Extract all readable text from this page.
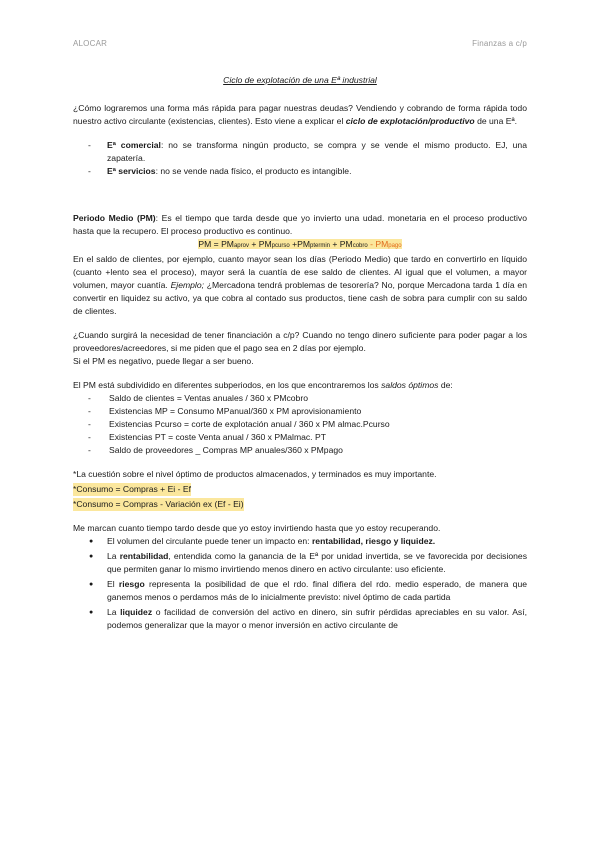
ALOCAR	Finanzas a c/p
Ciclo de explotación de una Eª industrial

¿Cómo lograremos una forma más rápida para pagar nuestras deudas? Vendiendo y cobrando de forma rápida todo nuestro activo circulante (existencias, clientes). Esto viene a explicar el ciclo de explotación/productivo de una Eª.

- Eª comercial: no se transforma ningún producto, se compra y se vende el mismo producto. EJ, una zapatería.
- Eª servicios: no se vende nada físico, el producto es intangible.

Periodo Medio (PM): Es el tiempo que tarda desde que yo invierto una udad. monetaria en el proceso productivo hasta que la recupero. El proceso productivo es continuo.

PM = PMaprov + PMpcurso +PMptermin + PMcobro - PMpago

En el saldo de clientes, por ejemplo, cuanto mayor sean los días (Periodo Medio) que tardo en convertirlo en líquido (cuanto +lento sea el proceso), mayor será la cuantía de ese saldo de clientes. Al igual que el volumen, a mayor volumen, mayor cuantía. Ejemplo; ¿Mercadona tendrá problemas de tesorería? No, porque Mercadona tarda 1 día en convertir en liquidez su activo, ya que cobra al contado sus productos, tiene cash de sobra para cumplir con su saldo de clientes.

¿Cuando surgirá la necesidad de tener financiación a c/p? Cuando no tengo dinero suficiente para poder pagar a los proveedores/acreedores, si me piden que el pago sea en 2 días por ejemplo.

Si el PM es negativo, puede llegar a ser bueno.

El PM está subdividido en diferentes subperiodos, en los que encontraremos los saldos óptimos de:

- Saldo de clientes = Ventas anuales / 360 x PMcobro
- Existencias MP = Consumo MPanual/360 x PM aprovisionamiento
- Existencias Pcurso = corte de explotación anual / 360 x PM almac.Pcurso
- Existencias PT = coste Venta anual / 360 x PMalmac. PT
- Saldo de proveedores _ Compras MP anuales/360 x PMpago

*La cuestión sobre el nivel óptimo de productos almacenados, y terminados es muy importante.

*Consumo = Compras + Ei - Ef
*Consumo = Compras - Variación ex (Ef - Ei)

Me marcan cuanto tiempo tardo desde que yo estoy invirtiendo hasta que yo estoy recuperando.

● El volumen del circulante puede tener un impacto en: rentabilidad, riesgo y liquidez.
● La rentabilidad, entendida como la ganancia de la Eª por unidad invertida, se ve favorecida por decisiones que permiten ganar lo mismo invirtiendo menos dinero en activo circulante: uso eficiente.
● El riesgo representa la posibilidad de que el rdo. final difiera del rdo. medio esperado, de manera que ganemos menos o perdamos más de lo inicialmente previsto: nivel óptimo de cada partida
● La liquidez o facilidad de conversión del activo en dinero, sin sufrir pérdidas apreciables en su valor. Así, podemos generalizar que la mayor o menor inversión en activo circulante de
